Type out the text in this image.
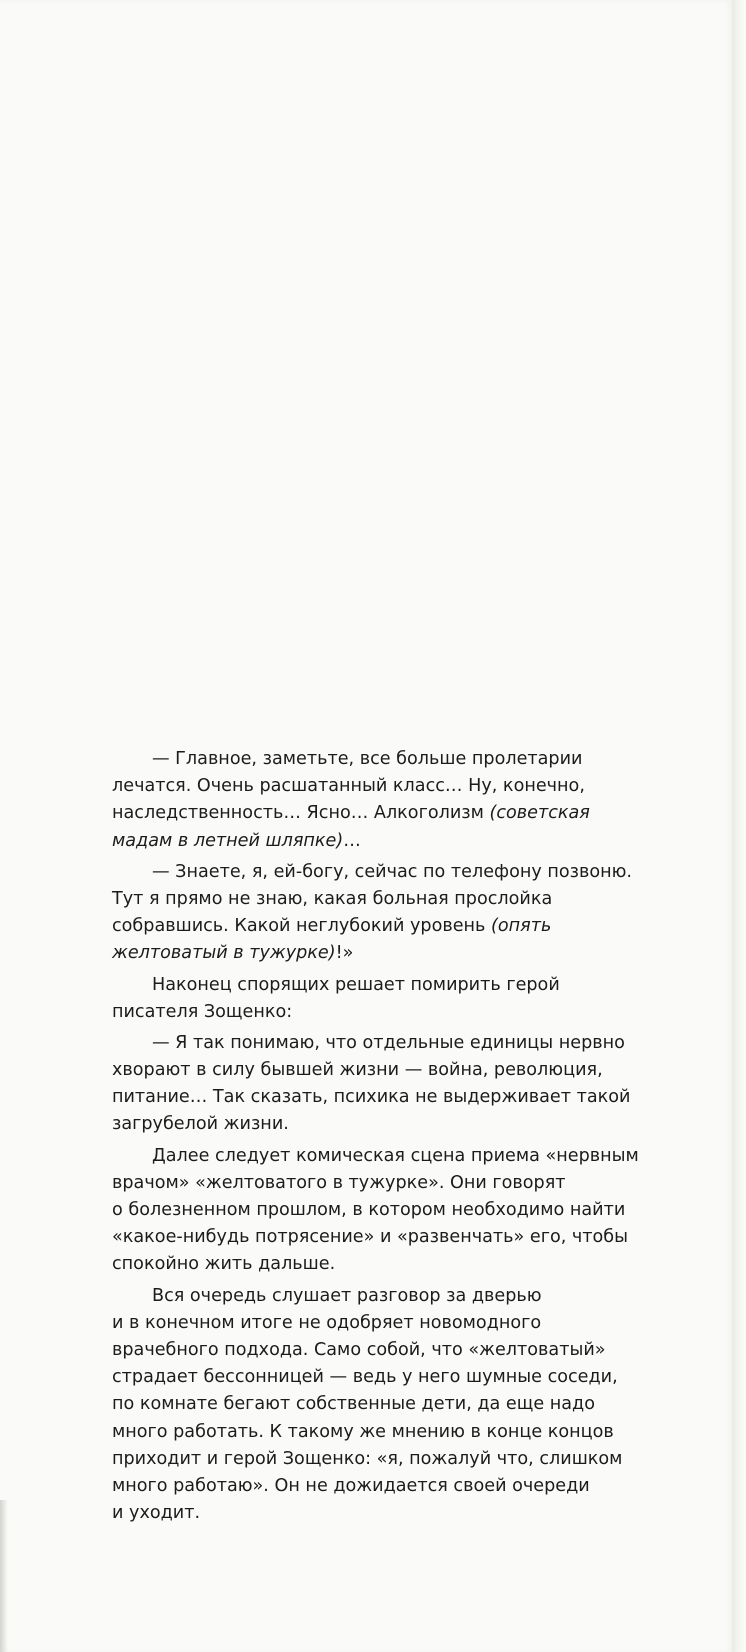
— Главное, заметьте, все больше пролетарии
лечатся. Очень расшатанный класс… Ну, конечно,
наследственность… Ясно… Алкоголизм (советская
мадам в летней шляпке)…
— Знаете, я, ей-богу, сейчас по телефону позвоню.
Тут я прямо не знаю, какая больная прослойка
собравшись. Какой неглубокий уровень (опять
желтоватый в тужурке)!»
Наконец спорящих решает помирить герой
писателя Зощенко:
— Я так понимаю, что отдельные единицы нервно
хворают в силу бывшей жизни — война, революция,
питание… Так сказать, психика не выдерживает такой
загрубелой жизни.
Далее следует комическая сцена приема «нервным
врачом» «желтоватого в тужурке». Они говорят
о болезненном прошлом, в котором необходимо найти
«какое-нибудь потрясение» и «развенчать» его, чтобы
спокойно жить дальше.
Вся очередь слушает разговор за дверью
и в конечном итоге не одобряет новомодного
врачебного подхода. Само собой, что «желтоватый»
страдает бессонницей — ведь у него шумные соседи,
по комнате бегают собственные дети, да еще надо
много работать. К такому же мнению в конце концов
приходит и герой Зощенко: «я, пожалуй что, слишком
много работаю». Он не дожидается своей очереди
и уходит.
